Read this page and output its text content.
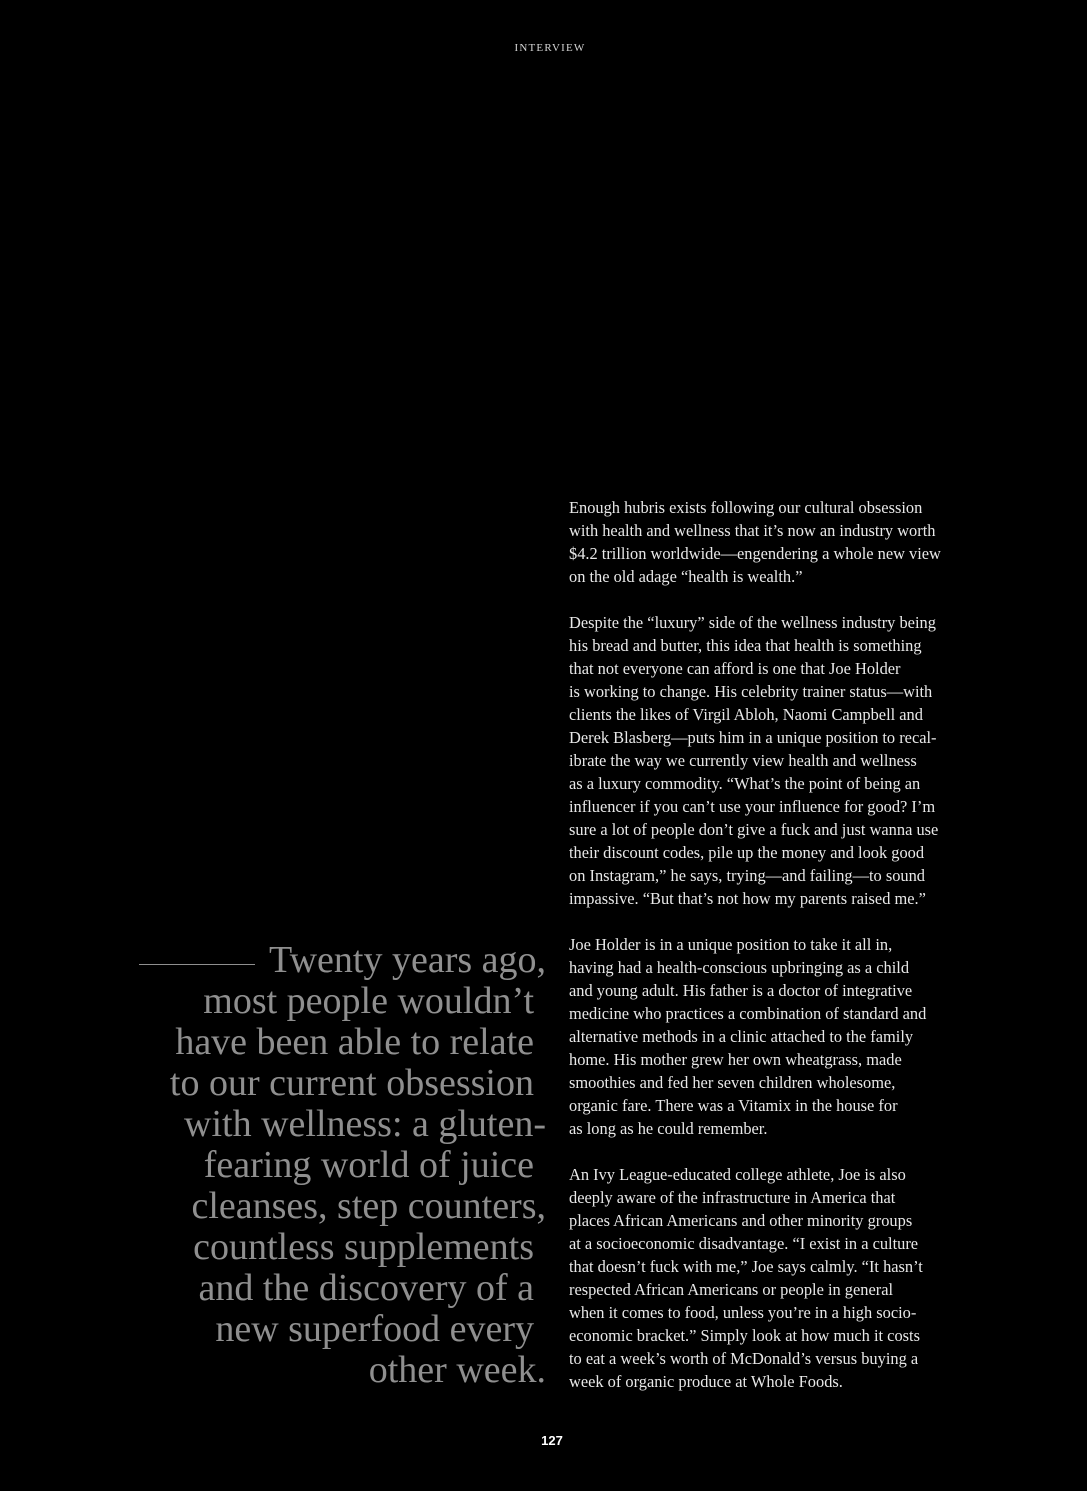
INTERVIEW
Twenty years ago,
most people wouldn’t
have been able to relate
to our current obsession
with wellness: a gluten-
fearing world of juice
cleanses, step counters,
countless supplements
and the discovery of a
new superfood every
other week.

Enough hubris exists following our cultural obsession
with health and wellness that it’s now an industry worth
$4.2 trillion worldwide—engendering a whole new view
on the old adage “health is wealth.”

Despite the “luxury” side of the wellness industry being
his bread and butter, this idea that health is something
that not everyone can afford is one that Joe Holder
is working to change. His celebrity trainer status—with
clients the likes of Virgil Abloh, Naomi Campbell and
Derek Blasberg—puts him in a unique position to recal-
ibrate the way we currently view health and wellness
as a luxury commodity. “What’s the point of being an
influencer if you can’t use your influence for good? I’m
sure a lot of people don’t give a fuck and just wanna use
their discount codes, pile up the money and look good
on Instagram,” he says, trying—and failing—to sound
impassive. “But that’s not how my parents raised me.”

Joe Holder is in a unique position to take it all in,
having had a health-conscious upbringing as a child
and young adult. His father is a doctor of integrative
medicine who practices a combination of standard and
alternative methods in a clinic attached to the family
home. His mother grew her own wheatgrass, made
smoothies and fed her seven children wholesome,
organic fare. There was a Vitamix in the house for
as long as he could remember.

An Ivy League-educated college athlete, Joe is also
deeply aware of the infrastructure in America that
places African Americans and other minority groups
at a socioeconomic disadvantage. “I exist in a culture
that doesn’t fuck with me,” Joe says calmly. “It hasn’t
respected African Americans or people in general
when it comes to food, unless you’re in a high socio-
economic bracket.” Simply look at how much it costs
to eat a week’s worth of McDonald’s versus buying a
week of organic produce at Whole Foods.

127
